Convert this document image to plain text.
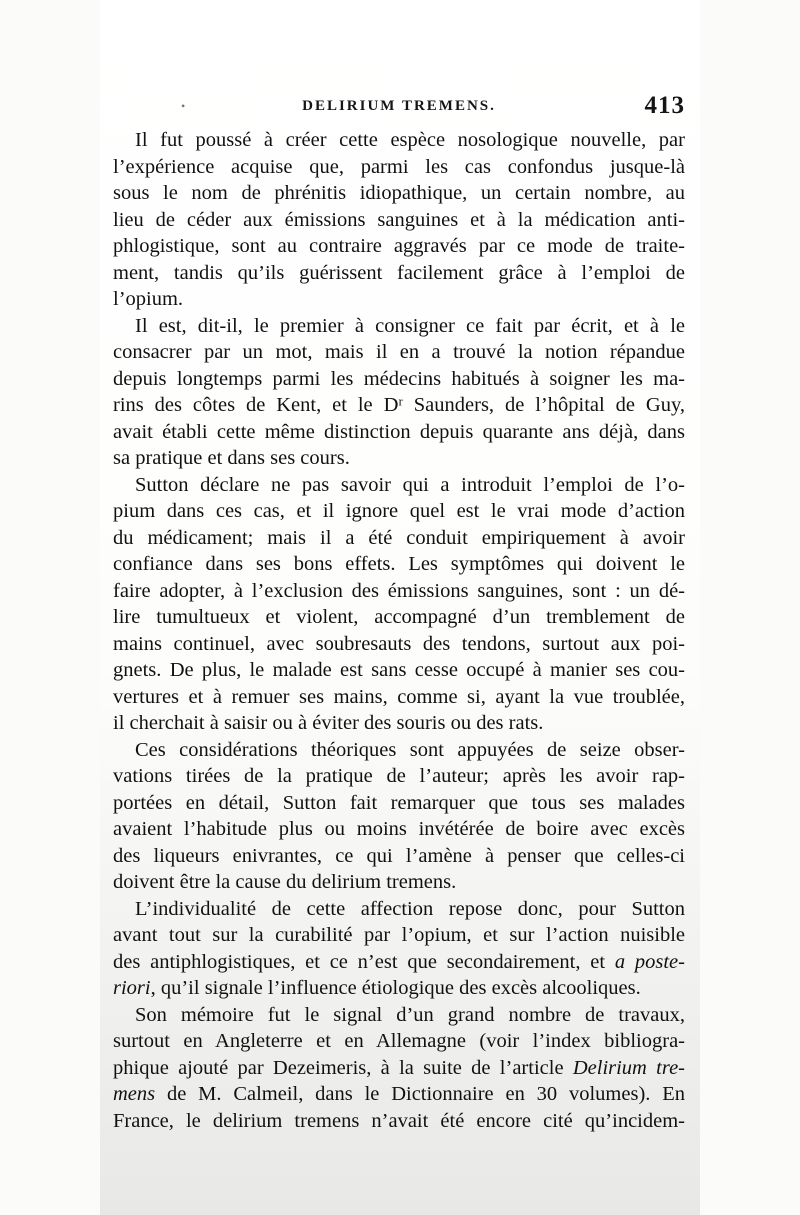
•	DELIRIUM TREMENS.	413
Il fut poussé à créer cette espèce nosologique nouvelle, par
l’expérience acquise que, parmi les cas confondus jusque-là
sous le nom de phrénitis idiopathique, un certain nombre, au
lieu de céder aux émissions sanguines et à la médication anti-
phlogistique, sont au contraire aggravés par ce mode de traite-
ment, tandis qu’ils guérissent facilement grâce à l’emploi de
l’opium.
Il est, dit-il, le premier à consigner ce fait par écrit, et à le
consacrer par un mot, mais il en a trouvé la notion répandue
depuis longtemps parmi les médecins habitués à soigner les ma-
rins des côtes de Kent, et le Dʳ Saunders, de l’hôpital de Guy,
avait établi cette même distinction depuis quarante ans déjà, dans
sa pratique et dans ses cours.
Sutton déclare ne pas savoir qui a introduit l’emploi de l’o-
pium dans ces cas, et il ignore quel est le vrai mode d’action
du médicament; mais il a été conduit empiriquement à avoir
confiance dans ses bons effets. Les symptômes qui doivent le
faire adopter, à l’exclusion des émissions sanguines, sont : un dé-
lire tumultueux et violent, accompagné d’un tremblement de
mains continuel, avec soubresauts des tendons, surtout aux poi-
gnets. De plus, le malade est sans cesse occupé à manier ses cou-
vertures et à remuer ses mains, comme si, ayant la vue troublée,
il cherchait à saisir ou à éviter des souris ou des rats.
Ces considérations théoriques sont appuyées de seize obser-
vations tirées de la pratique de l’auteur; après les avoir rap-
portées en détail, Sutton fait remarquer que tous ses malades
avaient l’habitude plus ou moins invétérée de boire avec excès
des liqueurs enivrantes, ce qui l’amène à penser que celles-ci
doivent être la cause du delirium tremens.
L’individualité de cette affection repose donc, pour Sutton
avant tout sur la curabilité par l’opium, et sur l’action nuisible
des antiphlogistiques, et ce n’est que secondairement, et a poste-
riori, qu’il signale l’influence étiologique des excès alcooliques.
Son mémoire fut le signal d’un grand nombre de travaux,
surtout en Angleterre et en Allemagne (voir l’index bibliogra-
phique ajouté par Dezeimeris, à la suite de l’article Delirium tre-
mens de M. Calmeil, dans le Dictionnaire en 30 volumes). En
France, le delirium tremens n’avait été encore cité qu’incidem-
